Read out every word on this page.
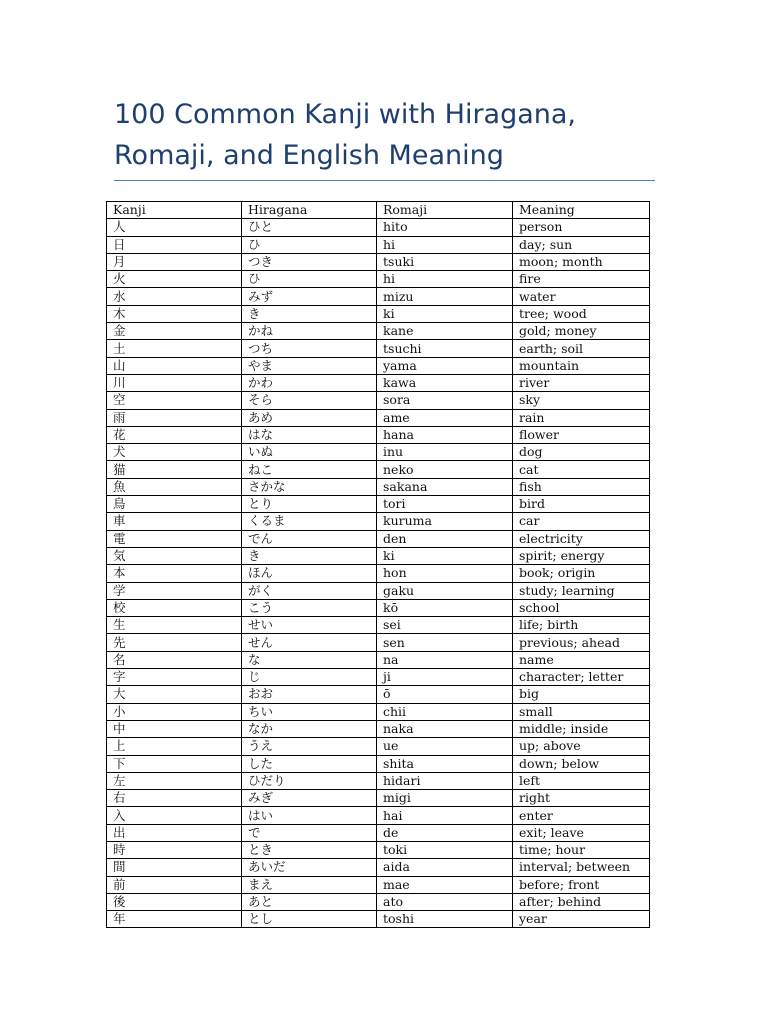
100 Common Kanji with Hiragana, Romaji, and English Meaning
Kanji	Hiragana	Romaji	Meaning
人	ひと	hito	person
日	ひ	hi	day; sun
月	つき	tsuki	moon; month
火	ひ	hi	fire
水	みず	mizu	water
木	き	ki	tree; wood
金	かね	kane	gold; money
土	つち	tsuchi	earth; soil
山	やま	yama	mountain
川	かわ	kawa	river
空	そら	sora	sky
雨	あめ	ame	rain
花	はな	hana	flower
犬	いぬ	inu	dog
猫	ねこ	neko	cat
魚	さかな	sakana	fish
鳥	とり	tori	bird
車	くるま	kuruma	car
電	でん	den	electricity
気	き	ki	spirit; energy
本	ほん	hon	book; origin
学	がく	gaku	study; learning
校	こう	kō	school
生	せい	sei	life; birth
先	せん	sen	previous; ahead
名	な	na	name
字	じ	ji	character; letter
大	おお	ō	big
小	ちい	chii	small
中	なか	naka	middle; inside
上	うえ	ue	up; above
下	した	shita	down; below
左	ひだり	hidari	left
右	みぎ	migi	right
入	はい	hai	enter
出	で	de	exit; leave
時	とき	toki	time; hour
間	あいだ	aida	interval; between
前	まえ	mae	before; front
後	あと	ato	after; behind
年	とし	toshi	year
